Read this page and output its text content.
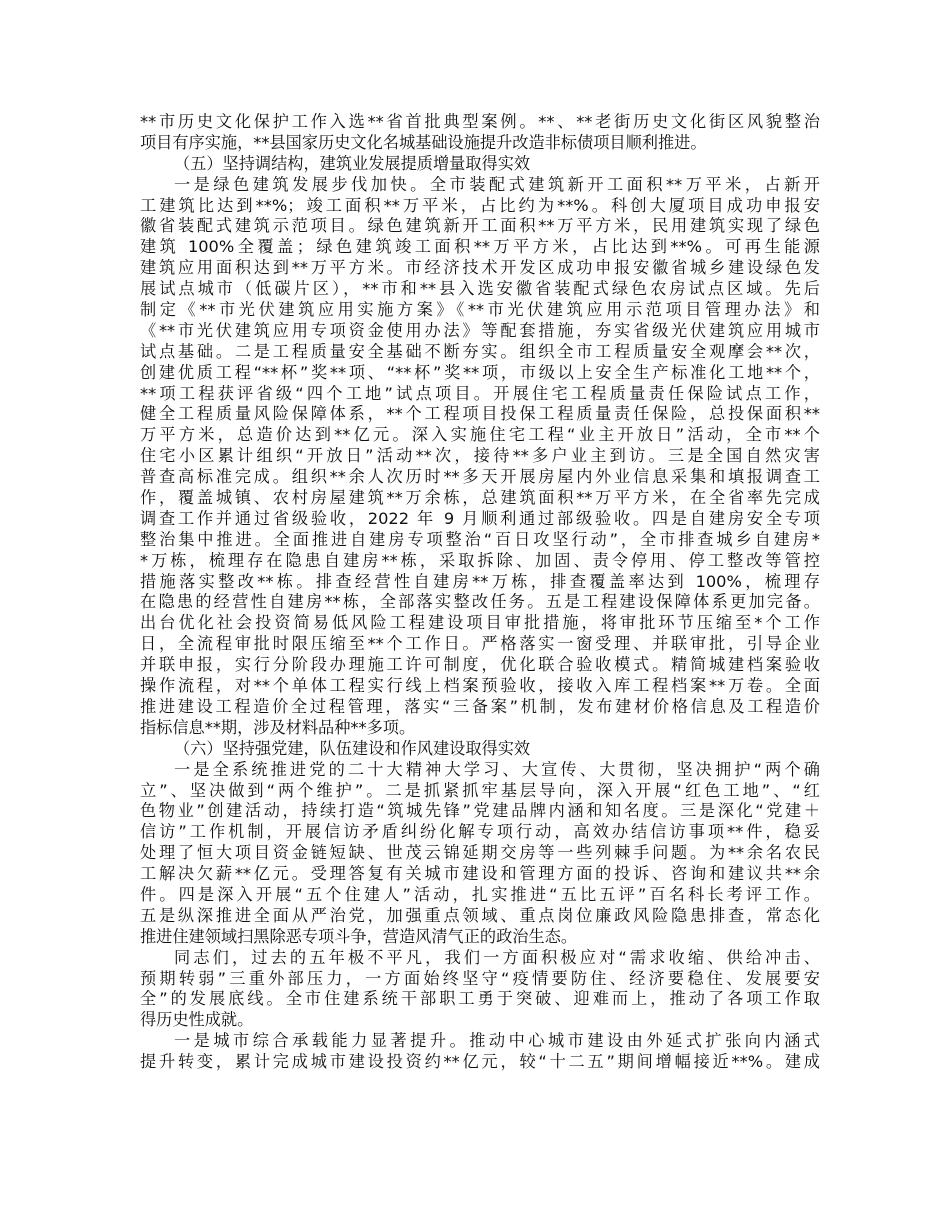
**市历史文化保护工作入选**省首批典型案例。**、**老街历史文化街区风貌整治
项目有序实施，**县国家历史文化名城基础设施提升改造非标债项目顺利推进。
（五）坚持调结构，建筑业发展提质增量取得实效
一是绿色建筑发展步伐加快。全市装配式建筑新开工面积**万平米，占新开
工建筑比达到**%；竣工面积**万平米，占比约为**%。科创大厦项目成功申报安
徽省装配式建筑示范项目。绿色建筑新开工面积**万平方米，民用建筑实现了绿色
建筑 100%全覆盖；绿色建筑竣工面积**万平方米，占比达到**%。可再生能源
建筑应用面积达到**万平方米。市经济技术开发区成功申报安徽省城乡建设绿色发
展试点城市（低碳片区），**市和**县入选安徽省装配式绿色农房试点区域。先后
制定《**市光伏建筑应用实施方案》《**市光伏建筑应用示范项目管理办法》和
《**市光伏建筑应用专项资金使用办法》等配套措施，夯实省级光伏建筑应用城市
试点基础。二是工程质量安全基础不断夯实。组织全市工程质量安全观摩会**次，
创建优质工程“**杯”奖**项、“**杯”奖**项，市级以上安全生产标准化工地**个，
**项工程获评省级“四个工地”试点项目。开展住宅工程质量责任保险试点工作，
健全工程质量风险保障体系，**个工程项目投保工程质量责任保险，总投保面积**
万平方米，总造价达到**亿元。深入实施住宅工程“业主开放日”活动，全市**个
住宅小区累计组织“开放日”活动**次，接待**多户业主到访。三是全国自然灾害
普查高标准完成。组织**余人次历时**多天开展房屋内外业信息采集和填报调查工
作，覆盖城镇、农村房屋建筑**万余栋，总建筑面积**万平方米，在全省率先完成
调查工作并通过省级验收，2022 年 9 月顺利通过部级验收。四是自建房安全专项
整治集中推进。全面推进自建房专项整治“百日攻坚行动”，全市排查城乡自建房*
*万栋，梳理存在隐患自建房**栋，采取拆除、加固、责令停用、停工整改等管控
措施落实整改**栋。排查经营性自建房**万栋，排查覆盖率达到 100%，梳理存
在隐患的经营性自建房**栋，全部落实整改任务。五是工程建设保障体系更加完备。
出台优化社会投资简易低风险工程建设项目审批措施，将审批环节压缩至*个工作
日，全流程审批时限压缩至**个工作日。严格落实一窗受理、并联审批，引导企业
并联申报，实行分阶段办理施工许可制度，优化联合验收模式。精简城建档案验收
操作流程，对**个单体工程实行线上档案预验收，接收入库工程档案**万卷。全面
推进建设工程造价全过程管理，落实“三备案”机制，发布建材价格信息及工程造价
指标信息**期，涉及材料品种**多项。
（六）坚持强党建，队伍建设和作风建设取得实效
一是全系统推进党的二十大精神大学习、大宣传、大贯彻，坚决拥护“两个确
立”、坚决做到“两个维护”。二是抓紧抓牢基层导向，深入开展“红色工地”、“红
色物业”创建活动，持续打造“筑城先锋”党建品牌内涵和知名度。三是深化“党建＋
信访”工作机制，开展信访矛盾纠纷化解专项行动，高效办结信访事项**件，稳妥
处理了恒大项目资金链短缺、世茂云锦延期交房等一些列棘手问题。为**余名农民
工解决欠薪**亿元。受理答复有关城市建设和管理方面的投诉、咨询和建议共**余
件。四是深入开展“五个住建人”活动，扎实推进“五比五评”百名科长考评工作。
五是纵深推进全面从严治党，加强重点领域、重点岗位廉政风险隐患排查，常态化
推进住建领域扫黑除恶专项斗争，营造风清气正的政治生态。
同志们，过去的五年极不平凡，我们一方面积极应对“需求收缩、供给冲击、
预期转弱”三重外部压力，一方面始终坚守“疫情要防住、经济要稳住、发展要安
全”的发展底线。全市住建系统干部职工勇于突破、迎难而上，推动了各项工作取
得历史性成就。
一是城市综合承载能力显著提升。推动中心城市建设由外延式扩张向内涵式
提升转变，累计完成城市建设投资约**亿元，较“十二五”期间增幅接近**%。建成
